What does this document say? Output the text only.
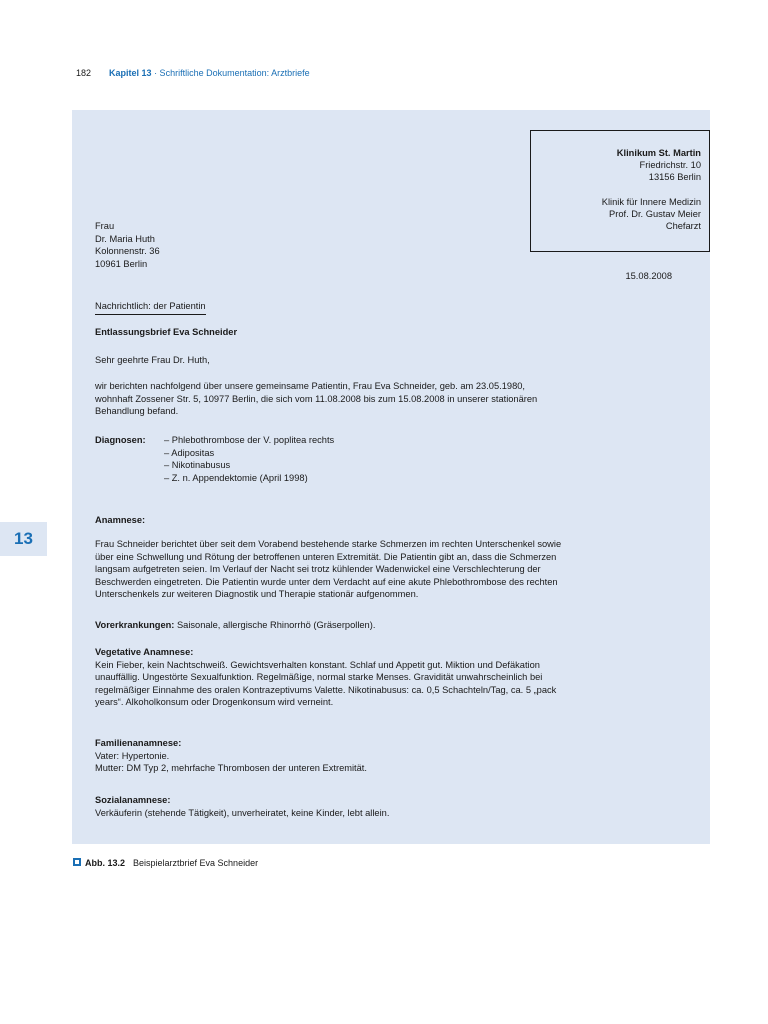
182 Kapitel 13 · Schriftliche Dokumentation: Arztbriefe
13
Klinikum St. Martin
Friedrichstr. 10
13156 Berlin
Klinik für Innere Medizin
Prof. Dr. Gustav Meier
Chefarzt
Frau
Dr. Maria Huth
Kolonnenstr. 36
10961 Berlin
15.08.2008
Nachrichtlich: der Patientin
Entlassungsbrief Eva Schneider
Sehr geehrte Frau Dr. Huth,
wir berichten nachfolgend über unsere gemeinsame Patientin, Frau Eva Schneider, geb. am 23.05.1980,
wohnhaft Zossener Str. 5, 10977 Berlin, die sich vom 11.08.2008 bis zum 15.08.2008 in unserer stationären
Behandlung befand.
Diagnosen: – Phlebothrombose der V. poplitea rechts
– Adipositas
– Nikotinabusus
– Z. n. Appendektomie (April 1998)
Anamnese:
Frau Schneider berichtet über seit dem Vorabend bestehende starke Schmerzen im rechten Unterschenkel sowie
über eine Schwellung und Rötung der betroffenen unteren Extremität. Die Patientin gibt an, dass die Schmerzen
langsam aufgetreten seien. Im Verlauf der Nacht sei trotz kühlender Wadenwickel eine Verschlechterung der
Beschwerden eingetreten. Die Patientin wurde unter dem Verdacht auf eine akute Phlebothrombose des rechten
Unterschenkels zur weiteren Diagnostik und Therapie stationär aufgenommen.
Vorerkrankungen: Saisonale, allergische Rhinorrhö (Gräserpollen).
Vegetative Anamnese:
Kein Fieber, kein Nachtschweiß. Gewichtsverhalten konstant. Schlaf und Appetit gut. Miktion und Defäkation
unauffällig. Ungestörte Sexualfunktion. Regelmäßige, normal starke Menses. Gravidität unwahrscheinlich bei
regelmäßiger Einnahme des oralen Kontrazeptivums Valette. Nikotinabusus: ca. 0,5 Schachteln/Tag, ca. 5 „pack
years“. Alkoholkonsum oder Drogenkonsum wird verneint.
Familienanamnese:
Vater: Hypertonie.
Mutter: DM Typ 2, mehrfache Thrombosen der unteren Extremität.
Sozialanamnese:
Verkäuferin (stehende Tätigkeit), unverheiratet, keine Kinder, lebt allein.
Abb. 13.2 Beispielarztbrief Eva Schneider
